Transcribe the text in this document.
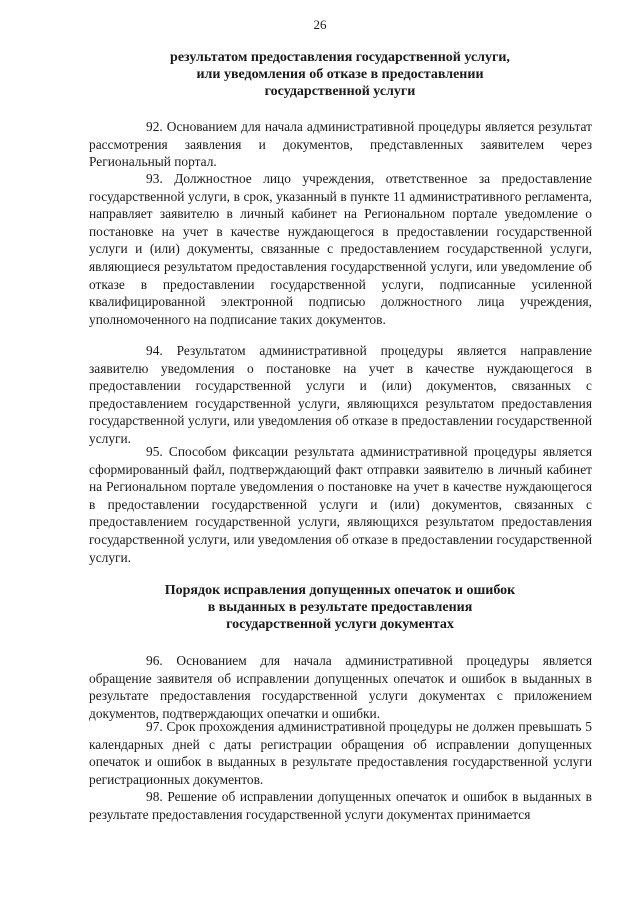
26
результатом предоставления государственной услуги,
или уведомления об отказе в предоставлении
государственной услуги

92. Основанием для начала административной процедуры является результат рассмотрения заявления и документов, представленных заявителем через Региональный портал.

93. Должностное лицо учреждения, ответственное за предоставление государственной услуги, в срок, указанный в пункте 11 административного регламента, направляет заявителю в личный кабинет на Региональном портале уведомление о постановке на учет в качестве нуждающегося в предоставлении государственной услуги и (или) документы, связанные с предоставлением государственной услуги, являющиеся результатом предоставления государственной услуги, или уведомление об отказе в предоставлении государственной услуги, подписанные усиленной квалифицированной электронной подписью должностного лица учреждения, уполномоченного на подписание таких документов.

94. Результатом административной процедуры является направление заявителю уведомления о постановке на учет в качестве нуждающегося в предоставлении государственной услуги и (или) документов, связанных с предоставлением государственной услуги, являющихся результатом предоставления государственной услуги, или уведомления об отказе в предоставлении государственной услуги.

95. Способом фиксации результата административной процедуры является сформированный файл, подтверждающий факт отправки заявителю в личный кабинет на Региональном портале уведомления о постановке на учет в качестве нуждающегося в предоставлении государственной услуги и (или) документов, связанных с предоставлением государственной услуги, являющихся результатом предоставления государственной услуги, или уведомления об отказе в предоставлении государственной услуги.

Порядок исправления допущенных опечаток и ошибок
в выданных в результате предоставления
государственной услуги документах

96. Основанием для начала административной процедуры является обращение заявителя об исправлении допущенных опечаток и ошибок в выданных в результате предоставления государственной услуги документах с приложением документов, подтверждающих опечатки и ошибки.

97. Срок прохождения административной процедуры не должен превышать 5 календарных дней с даты регистрации обращения об исправлении допущенных опечаток и ошибок в выданных в результате предоставления государственной услуги регистрационных документов.

98. Решение об исправлении допущенных опечаток и ошибок в выданных в результате предоставления государственной услуги документах принимается
